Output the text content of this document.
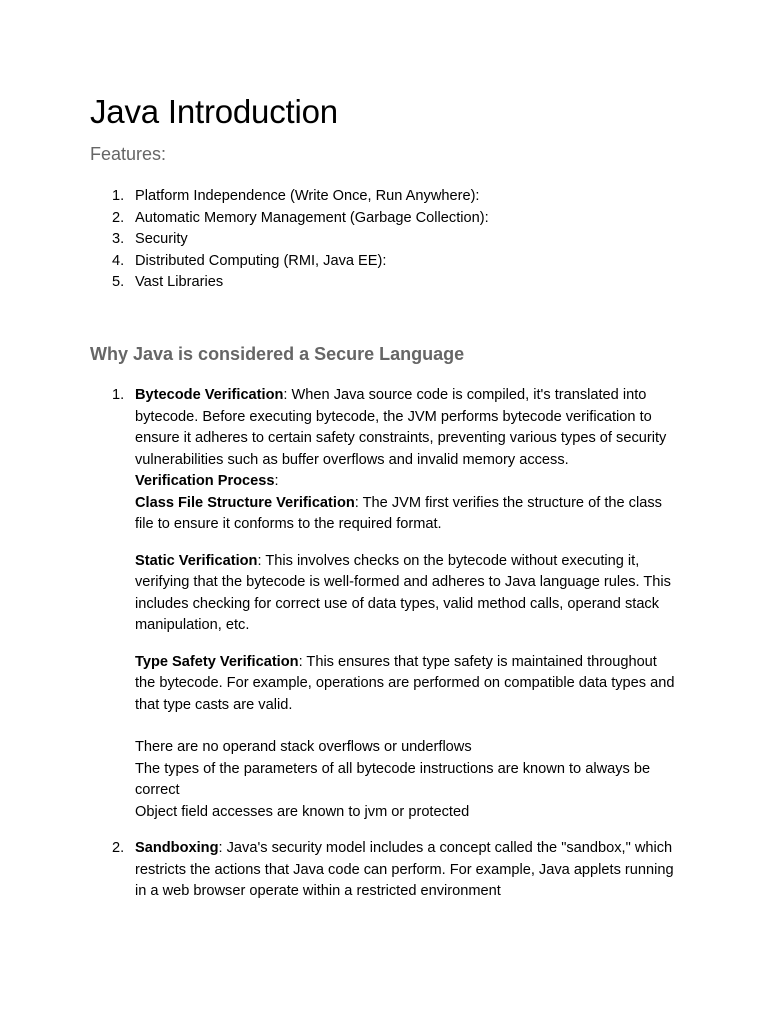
Java Introduction
Features:
1. Platform Independence (Write Once, Run Anywhere):
2. Automatic Memory Management (Garbage Collection):
3. Security
4. Distributed Computing (RMI, Java EE):
5. Vast Libraries
Why Java is considered a Secure Language
1. Bytecode Verification: When Java source code is compiled, it's translated into bytecode. Before executing bytecode, the JVM performs bytecode verification to ensure it adheres to certain safety constraints, preventing various types of security vulnerabilities such as buffer overflows and invalid memory access.

Verification Process:

Class File Structure Verification: The JVM first verifies the structure of the class file to ensure it conforms to the required format.

Static Verification: This involves checks on the bytecode without executing it, verifying that the bytecode is well-formed and adheres to Java language rules. This includes checking for correct use of data types, valid method calls, operand stack manipulation, etc.

Type Safety Verification: This ensures that type safety is maintained throughout the bytecode. For example, operations are performed on compatible data types and that type casts are valid.

There are no operand stack overflows or underflows

The types of the parameters of all bytecode instructions are known to always be correct

Object field accesses are known to jvm or protected

2. Sandboxing: Java's security model includes a concept called the "sandbox," which restricts the actions that Java code can perform. For example, Java applets running in a web browser operate within a restricted environment
